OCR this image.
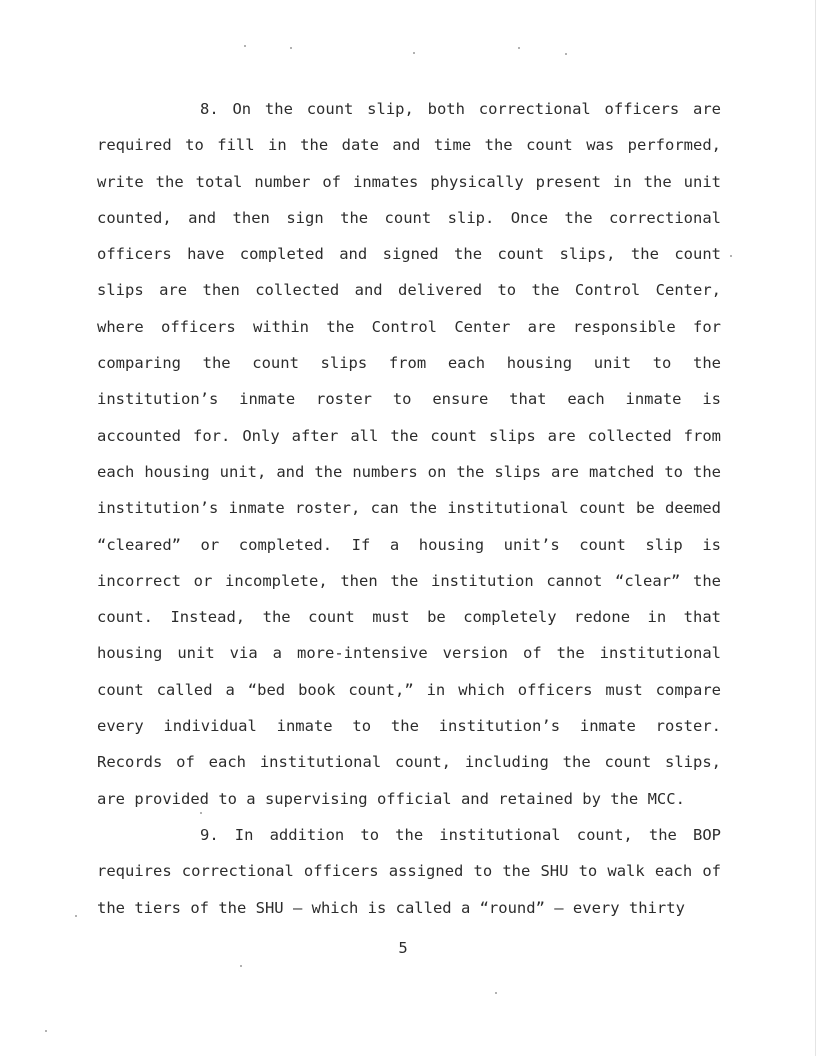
8. On the count slip, both correctional officers are required to fill in the date and time the count was performed, write the total number of inmates physically present in the unit counted, and then sign the count slip. Once the correctional officers have completed and signed the count slips, the count slips are then collected and delivered to the Control Center, where officers within the Control Center are responsible for comparing the count slips from each housing unit to the institution’s inmate roster to ensure that each inmate is accounted for. Only after all the count slips are collected from each housing unit, and the numbers on the slips are matched to the institution’s inmate roster, can the institutional count be deemed “cleared” or completed. If a housing unit’s count slip is incorrect or incomplete, then the institution cannot “clear” the count. Instead, the count must be completely redone in that housing unit via a more-intensive version of the institutional count called a “bed book count,” in which officers must compare every individual inmate to the institution’s inmate roster. Records of each institutional count, including the count slips, are provided to a supervising official and retained by the MCC.

9. In addition to the institutional count, the BOP requires correctional officers assigned to the SHU to walk each of the tiers of the SHU – which is called a “round” – every thirty

5
